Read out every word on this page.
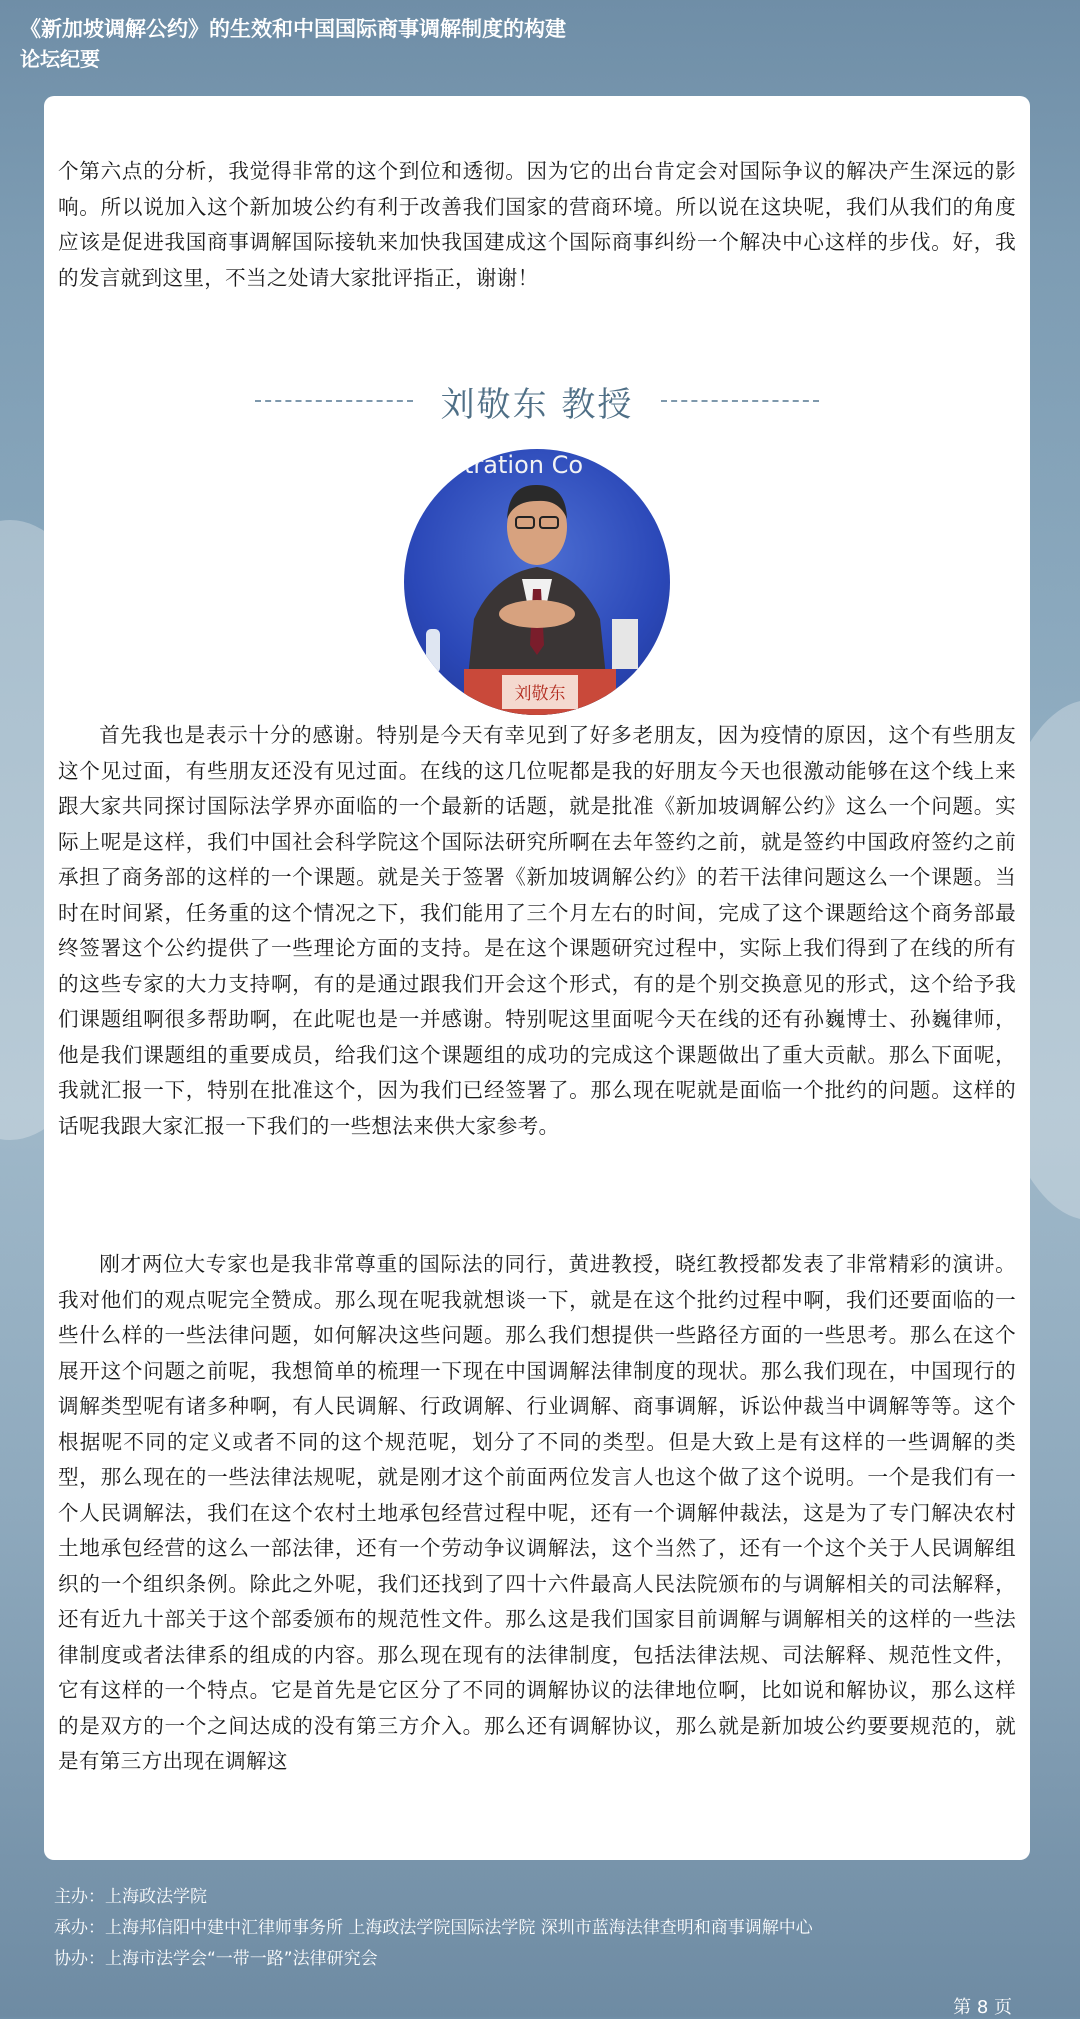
《新加坡调解公约》的生效和中国国际商事调解制度的构建
论坛纪要

个第六点的分析，我觉得非常的这个到位和透彻。因为它的出台肯定会对国际争议的解决产生深远的影响。所以说加入这个新加坡公约有利于改善我们国家的营商环境。所以说在这块呢，我们从我们的角度应该是促进我国商事调解国际接轨来加快我国建成这个国际商事纠纷一个解决中心这样的步伐。好，我的发言就到这里，不当之处请大家批评指正，谢谢！

刘敬东 教授
tration Co
刘敬东

首先我也是表示十分的感谢。特别是今天有幸见到了好多老朋友，因为疫情的原因，这个有些朋友这个见过面，有些朋友还没有见过面。在线的这几位呢都是我的好朋友今天也很激动能够在这个线上来跟大家共同探讨国际法学界亦面临的一个最新的话题，就是批准《新加坡调解公约》这么一个问题。实际上呢是这样，我们中国社会科学院这个国际法研究所啊在去年签约之前，就是签约中国政府签约之前承担了商务部的这样的一个课题。就是关于签署《新加坡调解公约》的若干法律问题这么一个课题。当时在时间紧，任务重的这个情况之下，我们能用了三个月左右的时间，完成了这个课题给这个商务部最终签署这个公约提供了一些理论方面的支持。是在这个课题研究过程中，实际上我们得到了在线的所有的这些专家的大力支持啊，有的是通过跟我们开会这个形式，有的是个别交换意见的形式，这个给予我们课题组啊很多帮助啊，在此呢也是一并感谢。特别呢这里面呢今天在线的还有孙巍博士、孙巍律师，他是我们课题组的重要成员，给我们这个课题组的成功的完成这个课题做出了重大贡献。那么下面呢，我就汇报一下，特别在批准这个，因为我们已经签署了。那么现在呢就是面临一个批约的问题。这样的话呢我跟大家汇报一下我们的一些想法来供大家参考。

刚才两位大专家也是我非常尊重的国际法的同行，黄进教授，晓红教授都发表了非常精彩的演讲。我对他们的观点呢完全赞成。那么现在呢我就想谈一下，就是在这个批约过程中啊，我们还要面临的一些什么样的一些法律问题，如何解决这些问题。那么我们想提供一些路径方面的一些思考。那么在这个展开这个问题之前呢，我想简单的梳理一下现在中国调解法律制度的现状。那么我们现在，中国现行的调解类型呢有诸多种啊，有人民调解、行政调解、行业调解、商事调解，诉讼仲裁当中调解等等。这个根据呢不同的定义或者不同的这个规范呢，划分了不同的类型。但是大致上是有这样的一些调解的类型，那么现在的一些法律法规呢，就是刚才这个前面两位发言人也这个做了这个说明。一个是我们有一个人民调解法，我们在这个农村土地承包经营过程中呢，还有一个调解仲裁法，这是为了专门解决农村土地承包经营的这么一部法律，还有一个劳动争议调解法，这个当然了，还有一个这个关于人民调解组织的一个组织条例。除此之外呢，我们还找到了四十六件最高人民法院颁布的与调解相关的司法解释，还有近九十部关于这个部委颁布的规范性文件。那么这是我们国家目前调解与调解相关的这样的一些法律制度或者法律系的组成的内容。那么现在现有的法律制度，包括法律法规、司法解释、规范性文件，它有这样的一个特点。它是首先是它区分了不同的调解协议的法律地位啊，比如说和解协议，那么这样的是双方的一个之间达成的没有第三方介入。那么还有调解协议，那么就是新加坡公约要要规范的，就是有第三方出现在调解这

主办：上海政法学院
承办：上海邦信阳中建中汇律师事务所 上海政法学院国际法学院 深圳市蓝海法律查明和商事调解中心
协办：上海市法学会“一带一路”法律研究会
第 8 页
